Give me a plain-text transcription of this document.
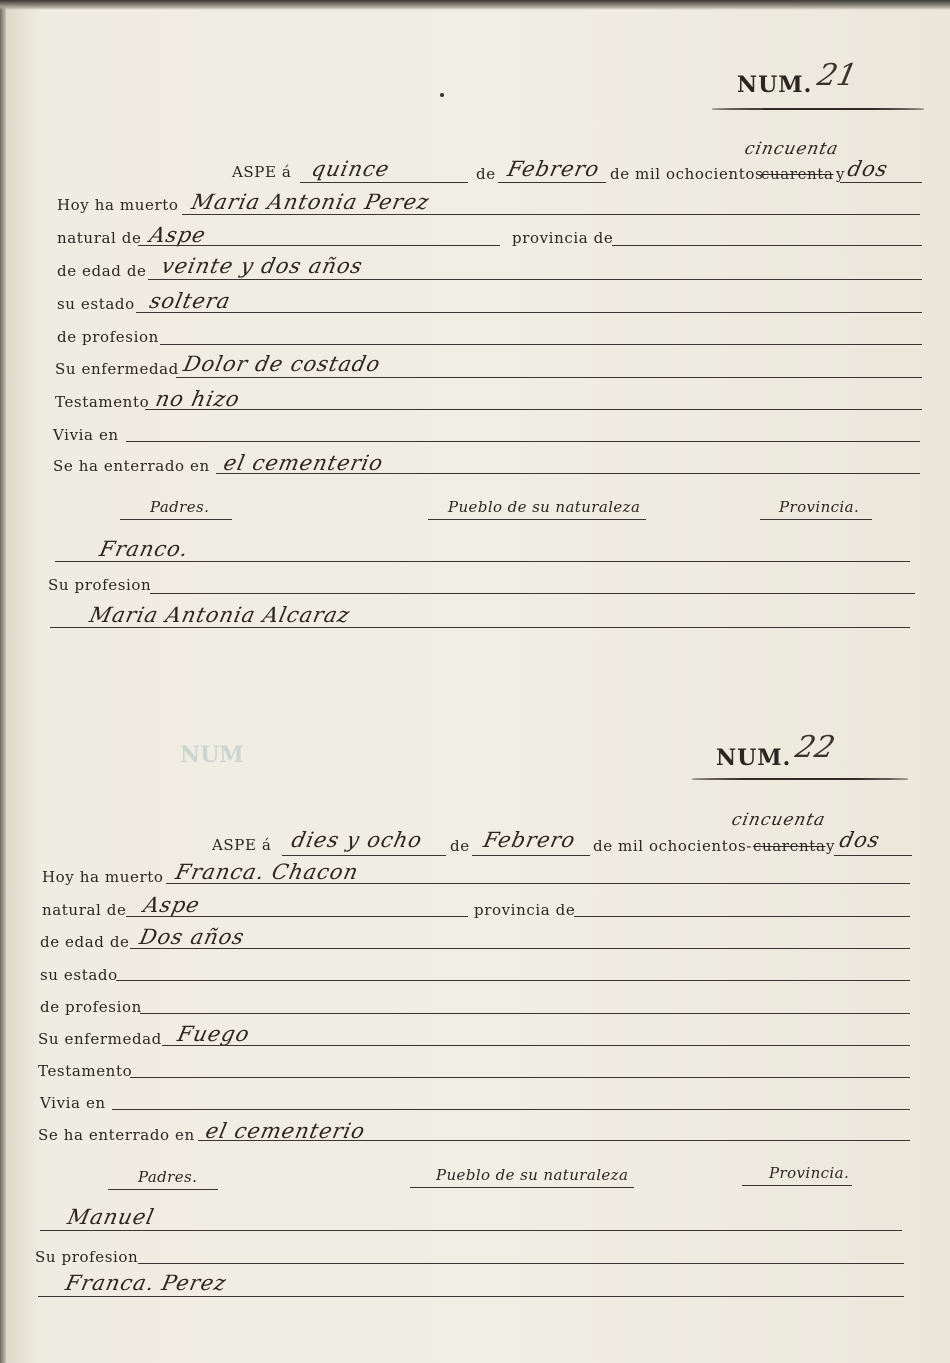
NUM. 21
ASPE á quince	de Febrero de mil ochocientos
cuarenta y
cincuenta
dos
Hoy ha muerto Maria Antonia Perez
natural de Aspe	provincia de
de edad de veinte y dos años
su estado soltera
de profesion
Su enfermedad Dolor de costado
Testamento no hizo
Vivia en
Se ha enterrado en el cementerio
Padres.	Pueblo de su naturaleza	Provincia.
Franco.
Su profesion
Maria Antonia Alcaraz
NUM	NUM. 22
ASPE á dies y ocho de Febrero de mil ochocientos- cuarenta y
cincuenta
dos
Hoy ha muerto Franca. Chacon
natural de Aspe	provincia de
de edad de Dos años
su estado
de profesion
Su enfermedad Fuego
Testamento
Vivia en
Se ha enterrado en el cementerio
Padres.	Pueblo de su naturaleza	Provincia.
Manuel
Su profesion
Franca. Perez
